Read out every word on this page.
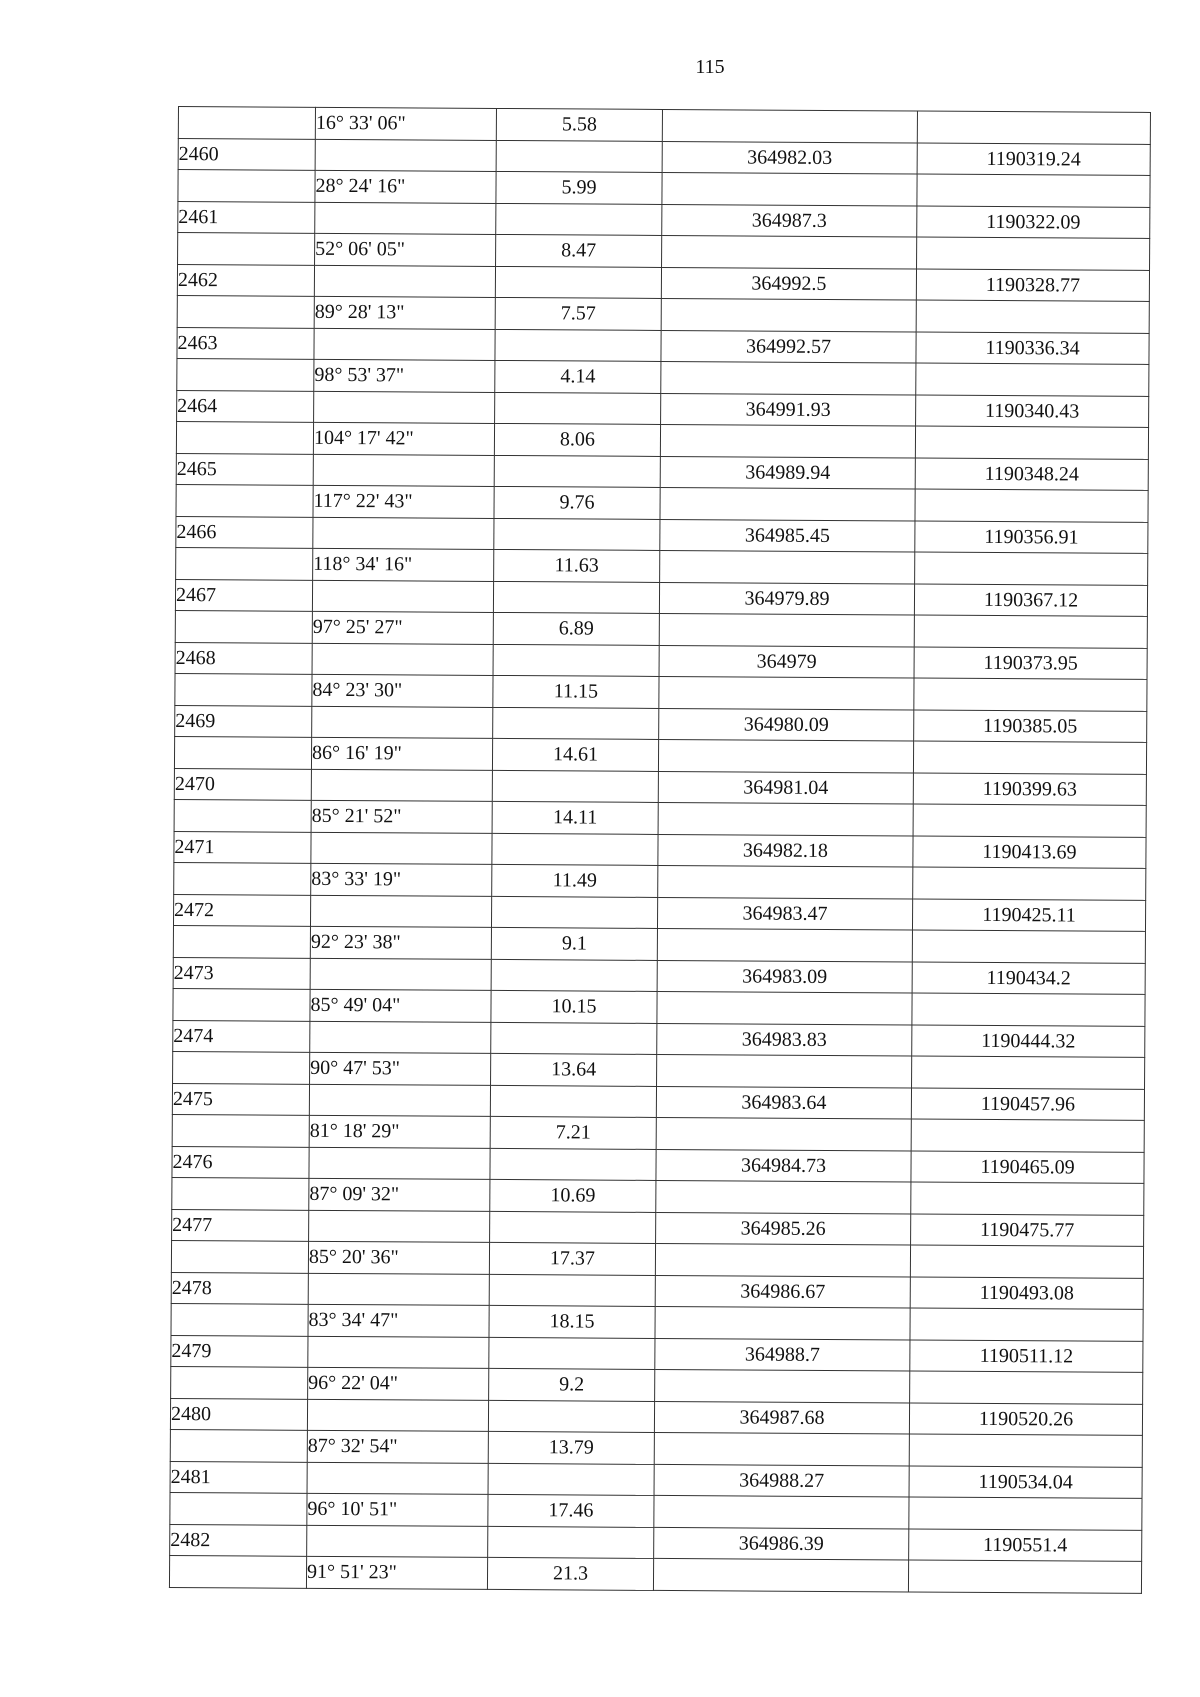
115
	16° 33' 06"	5.58		
2460			364982.03	1190319.24
	28° 24' 16"	5.99		
2461			364987.3	1190322.09
	52° 06' 05"	8.47		
2462			364992.5	1190328.77
	89° 28' 13"	7.57		
2463			364992.57	1190336.34
	98° 53' 37"	4.14		
2464			364991.93	1190340.43
	104° 17' 42"	8.06		
2465			364989.94	1190348.24
	117° 22' 43"	9.76		
2466			364985.45	1190356.91
	118° 34' 16"	11.63		
2467			364979.89	1190367.12
	97° 25' 27"	6.89		
2468			364979	1190373.95
	84° 23' 30"	11.15		
2469			364980.09	1190385.05
	86° 16' 19"	14.61		
2470			364981.04	1190399.63
	85° 21' 52"	14.11		
2471			364982.18	1190413.69
	83° 33' 19"	11.49		
2472			364983.47	1190425.11
	92° 23' 38"	9.1		
2473			364983.09	1190434.2
	85° 49' 04"	10.15		
2474			364983.83	1190444.32
	90° 47' 53"	13.64		
2475			364983.64	1190457.96
	81° 18' 29"	7.21		
2476			364984.73	1190465.09
	87° 09' 32"	10.69		
2477			364985.26	1190475.77
	85° 20' 36"	17.37		
2478			364986.67	1190493.08
	83° 34' 47"	18.15		
2479			364988.7	1190511.12
	96° 22' 04"	9.2		
2480			364987.68	1190520.26
	87° 32' 54"	13.79		
2481			364988.27	1190534.04
	96° 10' 51"	17.46		
2482			364986.39	1190551.4
	91° 51' 23"	21.3		
